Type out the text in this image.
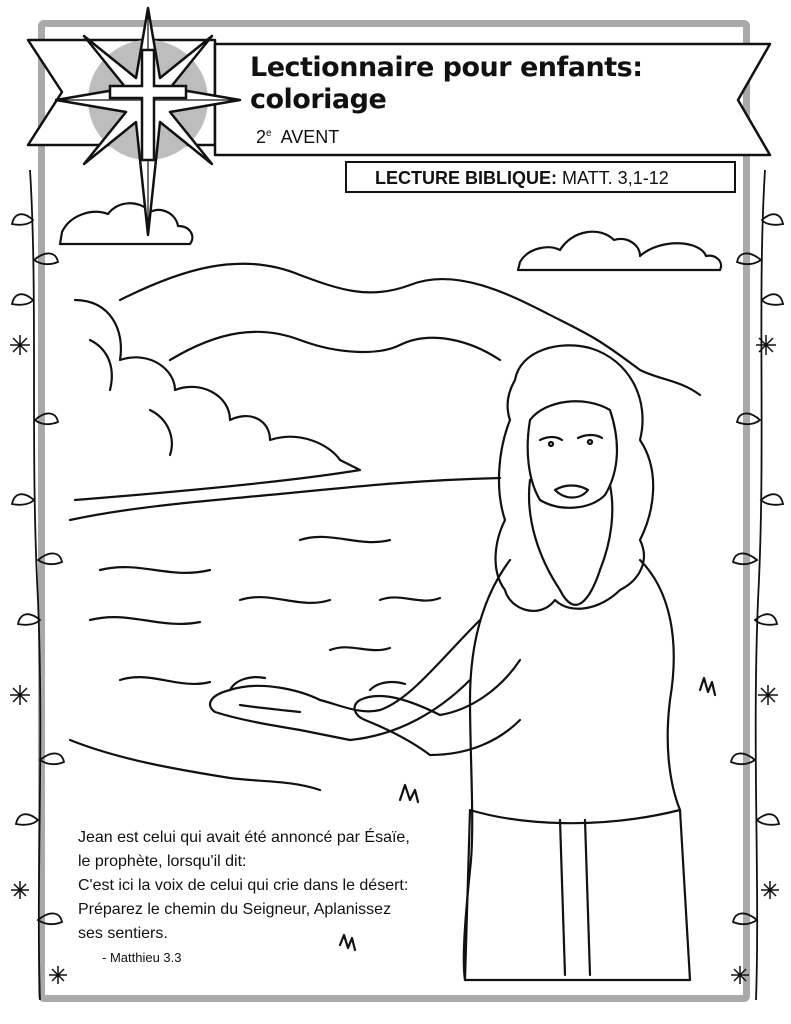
Lectionnaire pour enfants:
coloriage
2e AVENT
LECTURE BIBLIQUE: MATT. 3,1-12
Jean est celui qui avait été annoncé par Ésaïe,
le prophète, lorsqu'il dit:
C'est ici la voix de celui qui crie dans le désert:
Préparez le chemin du Seigneur, Aplanissez
ses sentiers.
- Matthieu 3.3
